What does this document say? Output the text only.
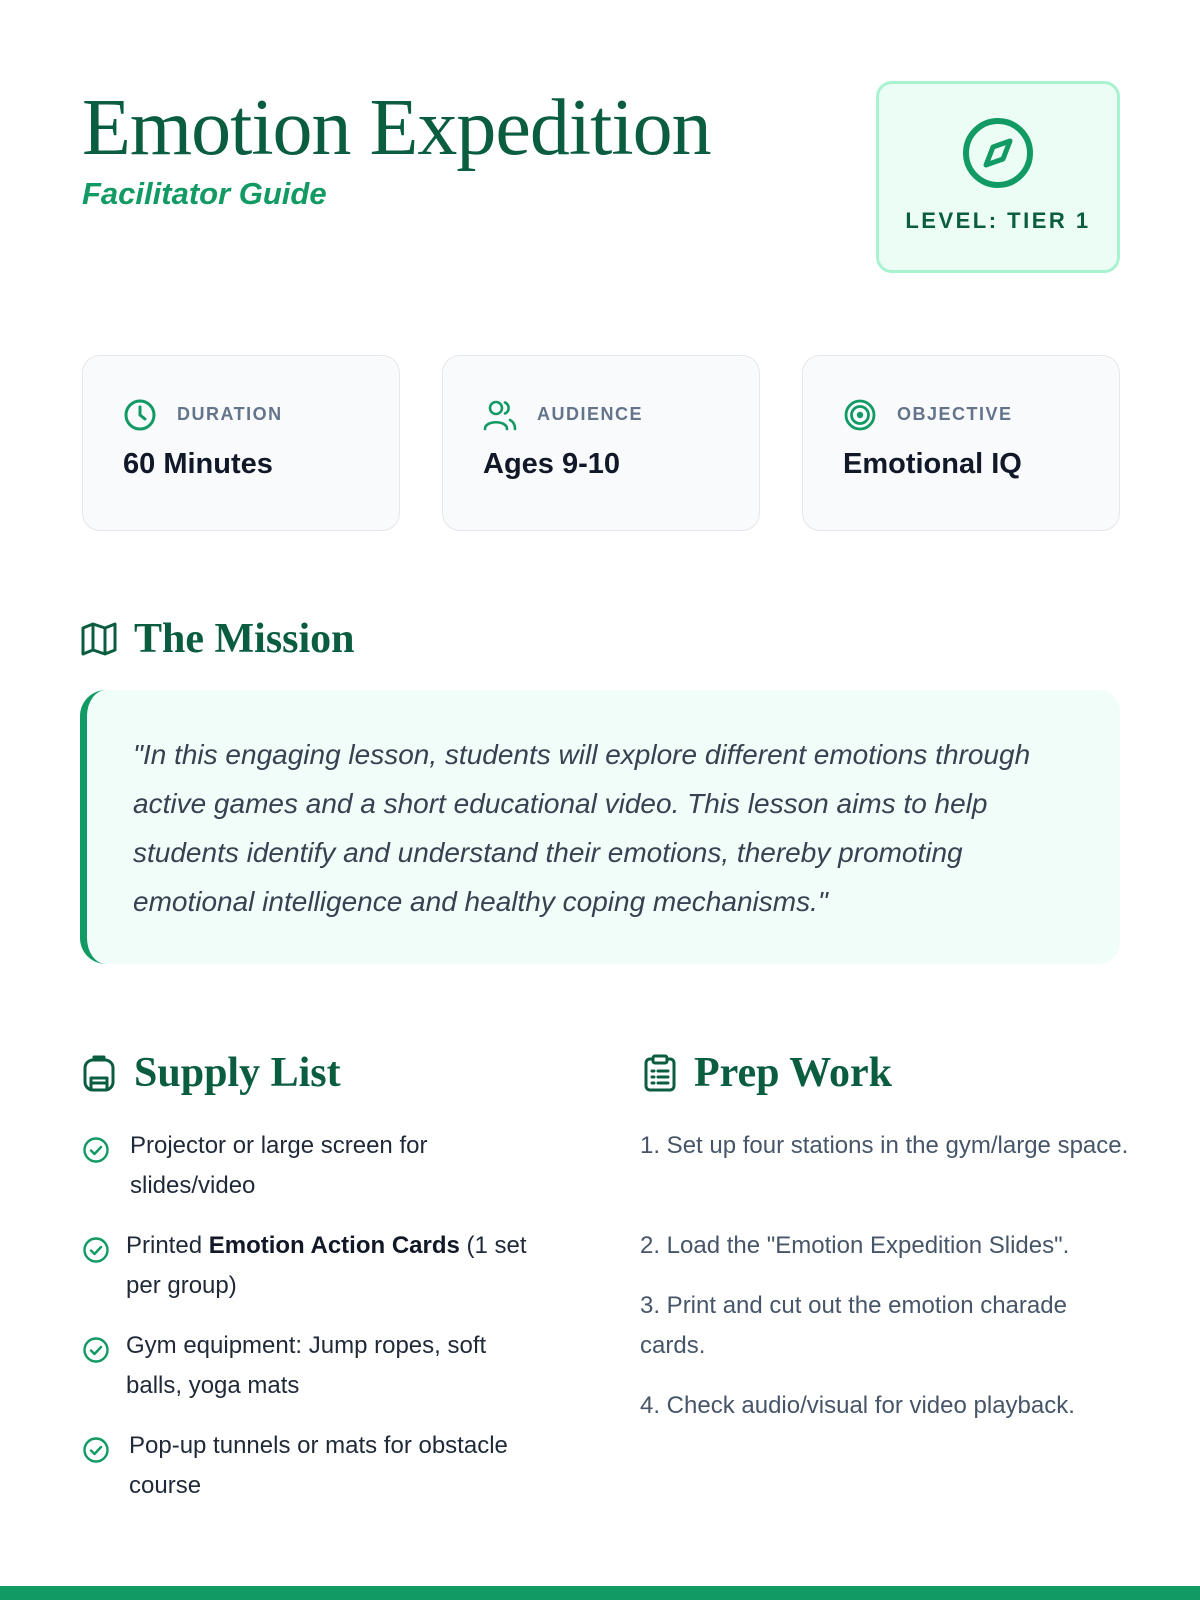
Emotion Expedition
Facilitator Guide
LEVEL: TIER 1
DURATION
60 Minutes
AUDIENCE
Ages 9-10
OBJECTIVE
Emotional IQ
The Mission

"In this engaging lesson, students will explore different emotions through active games and a short educational video. This lesson aims to help students identify and understand their emotions, thereby promoting emotional intelligence and healthy coping mechanisms."

Supply List	Prep Work
Projector or large screen for slides/video
Printed Emotion Action Cards (1 set per group)
Gym equipment: Jump ropes, soft balls, yoga mats
Pop-up tunnels or mats for obstacle course
1. Set up four stations in the gym/large space.
2. Load the "Emotion Expedition Slides".
3. Print and cut out the emotion charade cards.
4. Check audio/visual for video playback.
